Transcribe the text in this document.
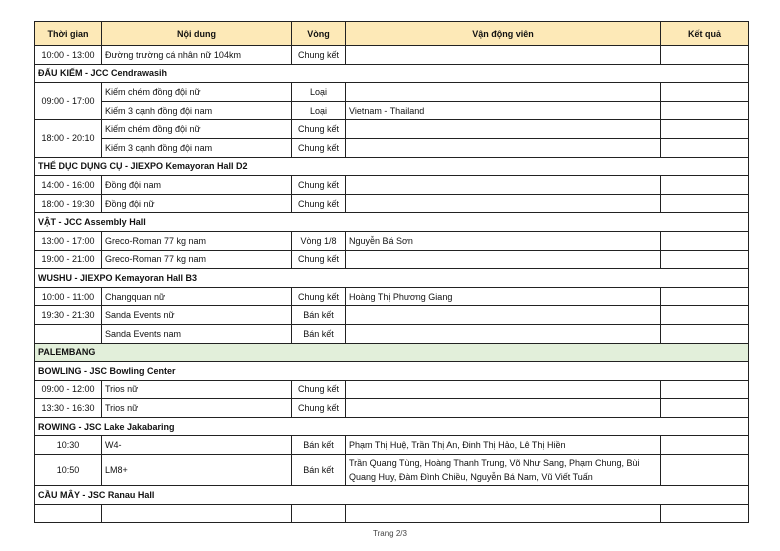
Thời gian	Nội dung	Vòng	Vận động viên	Kết quả
10:00 - 13:00	Đường trường cá nhân nữ 104km	Chung kết		
ĐẤU KIẾM - JCC Cendrawasih				
09:00 - 17:00	Kiếm chém đồng đội nữ	Loại		
	Kiếm 3 cạnh đồng đội nam	Loại	Vietnam - Thailand	
18:00 - 20:10	Kiếm chém đồng đội nữ	Chung kết		
	Kiếm 3 cạnh đồng đội nam	Chung kết		
THỂ DỤC DỤNG CỤ - JIEXPO Kemayoran Hall D2				
14:00 - 16:00	Đồng đội nam	Chung kết		
18:00 - 19:30	Đồng đội nữ	Chung kết		
VẬT - JCC Assembly Hall				
13:00 - 17:00	Greco-Roman 77 kg nam	Vòng 1/8	Nguyễn Bá Sơn	
19:00 - 21:00	Greco-Roman 77 kg nam	Chung kết		
WUSHU - JIEXPO Kemayoran Hall B3				
10:00 - 11:00	Changquan nữ	Chung kết	Hoàng Thị Phương Giang	
19:30 - 21:30	Sanda Events nữ	Bán kết		
	Sanda Events nam	Bán kết		
PALEMBANG				
BOWLING - JSC Bowling Center				
09:00 - 12:00	Trios nữ	Chung kết		
13:30 - 16:30	Trios nữ	Chung kết		
ROWING - JSC Lake Jakabaring				
10:30	W4-	Bán kết	Phạm Thị Huệ, Trần Thị An, Đinh Thị Hảo, Lê Thị Hiền	
10:50	LM8+	Bán kết	Trần Quang Tùng, Hoàng Thanh Trung, Võ Như Sang, Phạm Chung, Bùi Quang Huy, Đàm Đình Chiều, Nguyễn Bá Nam, Vũ Viết Tuấn	
CẦU MÂY - JSC Ranau Hall				

Trang 2/3
